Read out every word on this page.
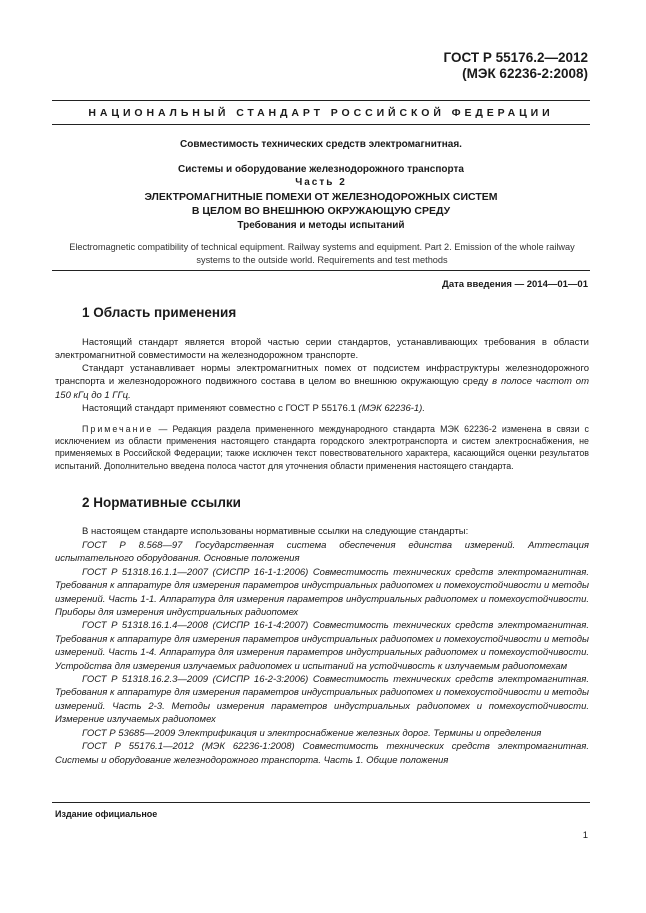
ГОСТ Р 55176.2—2012
(МЭК 62236-2:2008)
НАЦИОНАЛЬНЫЙ СТАНДАРТ РОССИЙСКОЙ ФЕДЕРАЦИИ
Совместимость технических средств электромагнитная.
Системы и оборудование железнодорожного транспорта
Часть 2
ЭЛЕКТРОМАГНИТНЫЕ ПОМЕХИ ОТ ЖЕЛЕЗНОДОРОЖНЫХ СИСТЕМ
В ЦЕЛОМ ВО ВНЕШНЮЮ ОКРУЖАЮЩУЮ СРЕДУ
Требования и методы испытаний
Electromagnetic compatibility of technical equipment. Railway systems and equipment. Part 2. Emission of the whole railway systems to the outside world. Requirements and test methods
Дата введения — 2014—01—01
1 Область применения

Настоящий стандарт является второй частью серии стандартов, устанавливающих требования в области электромагнитной совместимости на железнодорожном транспорте.

Стандарт устанавливает нормы электромагнитных помех от подсистем инфраструктуры железнодорожного транспорта и железнодорожного подвижного состава в целом во внешнюю окружающую среду в полосе частот от 150 кГц до 1 ГГц.

Настоящий стандарт применяют совместно с ГОСТ Р 55176.1 (МЭК 62236-1).

Примечание — Редакция раздела примененного международного стандарта МЭК 62236-2 изменена в связи с исключением из области применения настоящего стандарта городского электротранспорта и систем электроснабжения, не применяемых в Российской Федерации; также исключен текст повествовательного характера, касающийся оценки результатов испытаний. Дополнительно введена полоса частот для уточнения области применения настоящего стандарта.

2 Нормативные ссылки

В настоящем стандарте использованы нормативные ссылки на следующие стандарты:

ГОСТ Р 8.568—97 Государственная система обеспечения единства измерений. Аттестация испытательного оборудования. Основные положения
ГОСТ Р 51318.16.1.1—2007 (СИСПР 16-1-1:2006) Совместимость технических средств электромагнитная. Требования к аппаратуре для измерения параметров индустриальных радиопомех и помехоустойчивости и методы измерений. Часть 1-1. Аппаратура для измерения параметров индустриальных радиопомех и помехоустойчивости. Приборы для измерения индустриальных радиопомех
ГОСТ Р 51318.16.1.4—2008 (СИСПР 16-1-4:2007) Совместимость технических средств электромагнитная. Требования к аппаратуре для измерения параметров индустриальных радиопомех и помехоустойчивости и методы измерений. Часть 1-4. Аппаратура для измерения параметров индустриальных радиопомех и помехоустойчивости. Устройства для измерения излучаемых радиопомех и испытаний на устойчивость к излучаемым радиопомехам
ГОСТ Р 51318.16.2.3—2009 (СИСПР 16-2-3:2006) Совместимость технических средств электромагнитная. Требования к аппаратуре для измерения параметров индустриальных радиопомех и помехоустойчивости и методы измерений. Часть 2-3. Методы измерения параметров индустриальных радиопомех и помехоустойчивости. Измерение излучаемых радиопомех
ГОСТ Р 53685—2009 Электрификация и электроснабжение железных дорог. Термины и определения
ГОСТ Р 55176.1—2012 (МЭК 62236-1:2008) Совместимость технических средств электромагнитная. Системы и оборудование железнодорожного транспорта. Часть 1. Общие положения
Издание официальное
1
